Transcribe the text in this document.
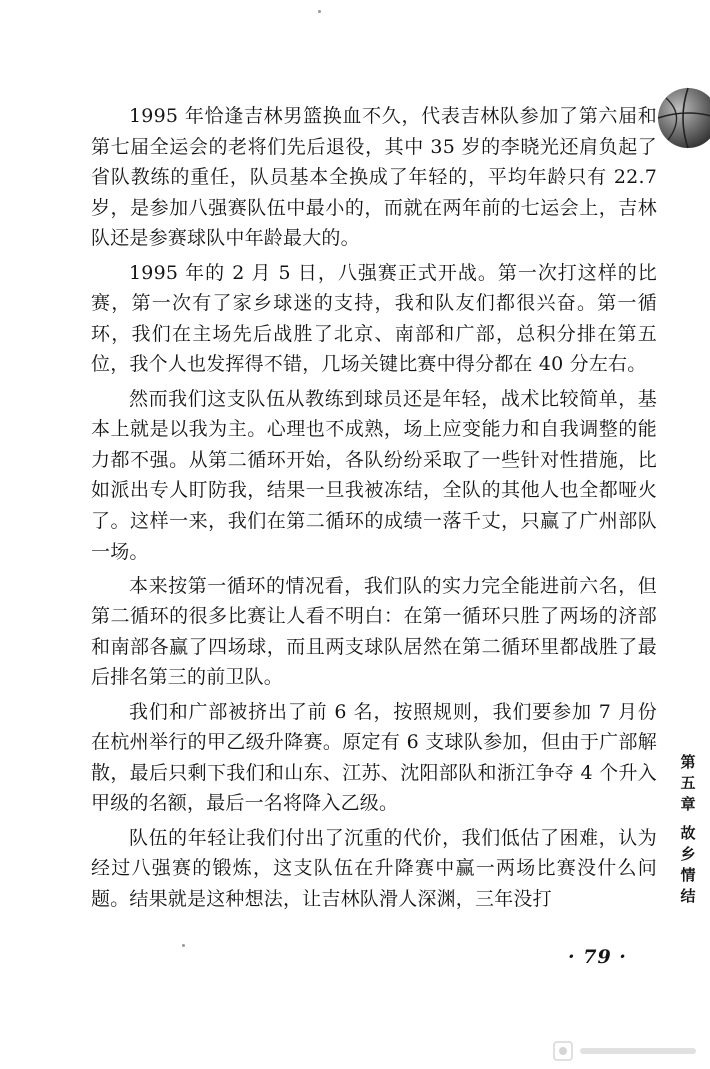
1995 年恰逢吉林男篮换血不久，代表吉林队参加了第六届和第七届全运会的老将们先后退役，其中 35 岁的李晓光还肩负起了省队教练的重任，队员基本全换成了年轻的，平均年龄只有 22.7 岁，是参加八强赛队伍中最小的，而就在两年前的七运会上，吉林队还是参赛球队中年龄最大的。

1995 年的 2 月 5 日，八强赛正式开战。第一次打这样的比赛，第一次有了家乡球迷的支持，我和队友们都很兴奋。第一循环，我们在主场先后战胜了北京、南部和广部，总积分排在第五位，我个人也发挥得不错，几场关键比赛中得分都在 40 分左右。

然而我们这支队伍从教练到球员还是年轻，战术比较简单，基本上就是以我为主。心理也不成熟，场上应变能力和自我调整的能力都不强。从第二循环开始，各队纷纷采取了一些针对性措施，比如派出专人盯防我，结果一旦我被冻结，全队的其他人也全都哑火了。这样一来，我们在第二循环的成绩一落千丈，只赢了广州部队一场。

本来按第一循环的情况看，我们队的实力完全能进前六名，但第二循环的很多比赛让人看不明白：在第一循环只胜了两场的济部和南部各赢了四场球，而且两支球队居然在第二循环里都战胜了最后排名第三的前卫队。

我们和广部被挤出了前 6 名，按照规则，我们要参加 7 月份在杭州举行的甲乙级升降赛。原定有 6 支球队参加，但由于广部解散，最后只剩下我们和山东、江苏、沈阳部队和浙江争夺 4 个升入甲级的名额，最后一名将降入乙级。

队伍的年轻让我们付出了沉重的代价，我们低估了困难，认为经过八强赛的锻炼，这支队伍在升降赛中赢一两场比赛没什么问题。结果就是这种想法，让吉林队滑人深渊，三年没打

第
五
章
故
乡
情
结
· 79 ·
